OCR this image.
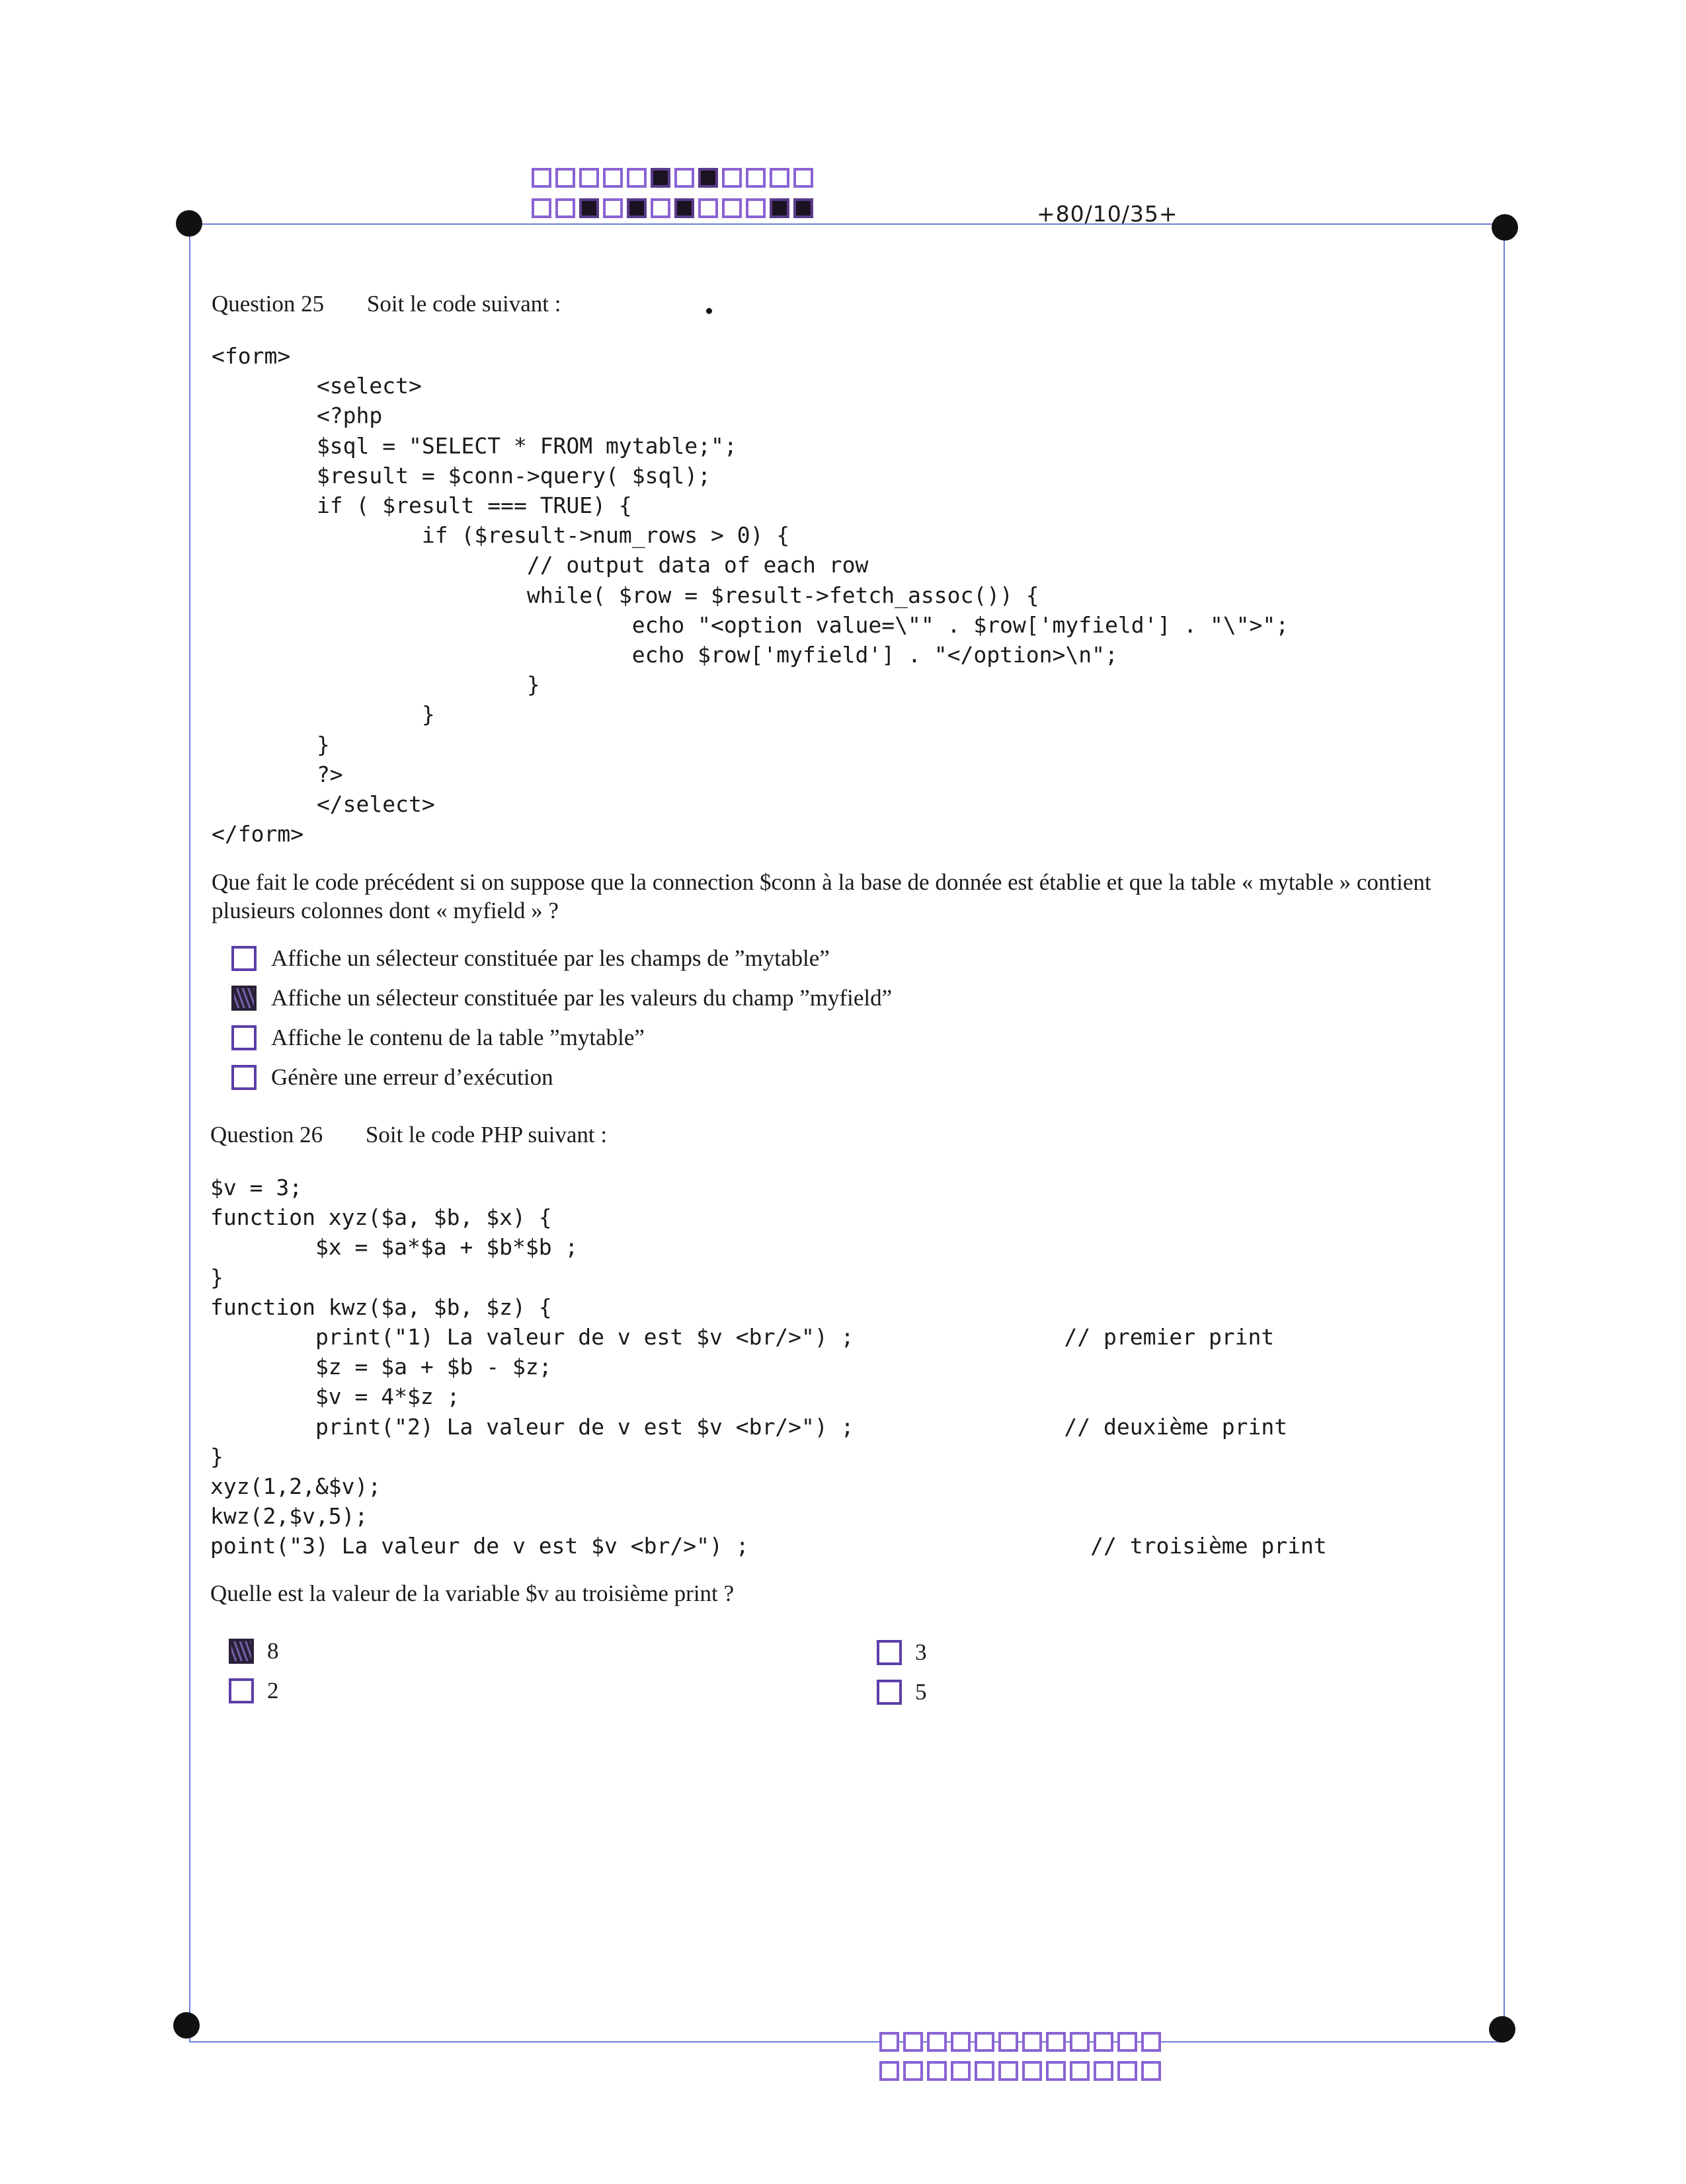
+80/10/35+
Question 25 Soit le code suivant :
<form>
<select>
<?php
$sql = "SELECT * FROM mytable;";
$result = $conn->query( $sql);
if ( $result === TRUE) {
if ($result->num_rows > 0) {
// output data of each row
while( $row = $result->fetch_assoc()) {
echo "<option value=\"" . $row['myfield'] . "\">";
echo $row['myfield'] . "</option>\n";
}
}
}
?>
</select>
</form>
Que fait le code précédent si on suppose que la connection $conn à la base de donnée est établie et que la table « mytable » contient plusieurs colonnes dont « myfield » ?
Affiche un sélecteur constituée par les champs de ”mytable”
Affiche un sélecteur constituée par les valeurs du champ ”myfield”
Affiche le contenu de la table ”mytable”
Génère une erreur d’exécution
Question 26 Soit le code PHP suivant :
$v = 3;
function xyz($a, $b, $x) {
$x = $a*$a + $b*$b ;
}
function kwz($a, $b, $z) {
print("1) La valeur de v est $v <br/>") ;                // premier print
$z = $a + $b - $z;
$v = 4*$z ;
print("2) La valeur de v est $v <br/>") ;                // deuxième print
}
xyz(1,2,&$v);
kwz(2,$v,5);
point("3) La valeur de v est $v <br/>") ;                          // troisième print
Quelle est la valeur de la variable $v au troisième print ?
8	3
2	5
